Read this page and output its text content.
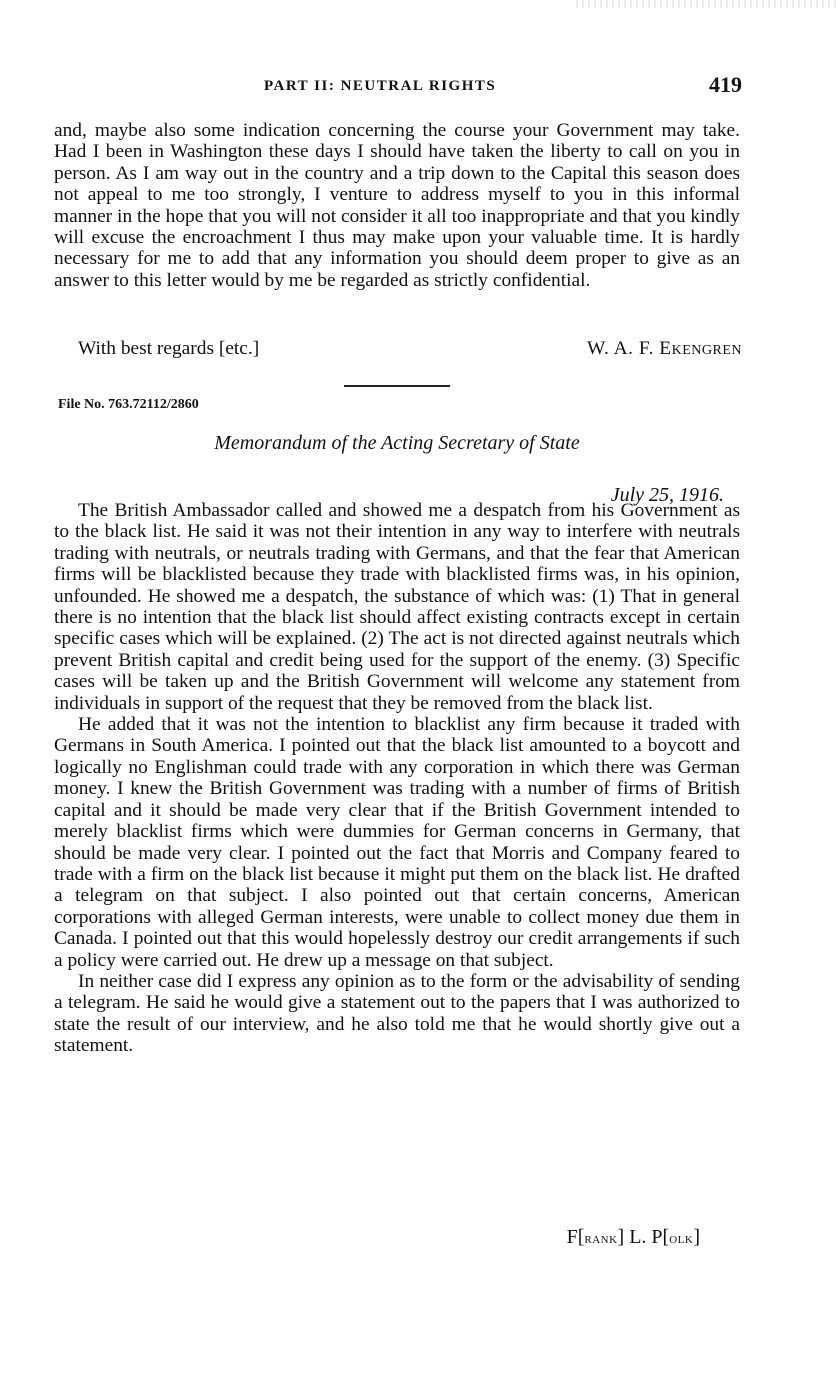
PART II: NEUTRAL RIGHTS	419

and, maybe also some indication concerning the course your Government may take. Had I been in Washington these days I should have taken the liberty to call on you in person. As I am way out in the country and a trip down to the Capital this season does not appeal to me too strongly, I venture to address myself to you in this informal manner in the hope that you will not consider it all too inappropriate and that you kindly will excuse the encroachment I thus may make upon your valuable time. It is hardly necessary for me to add that any information you should deem proper to give as an answer to this letter would by me be regarded as strictly confidential.

With best regards [etc.]	W. A. F. Ekengren
File No. 763.72112/2860
Memorandum of the Acting Secretary of State
July 25, 1916.

The British Ambassador called and showed me a despatch from his Government as to the black list. He said it was not their intention in any way to interfere with neutrals trading with neutrals, or neutrals trading with Germans, and that the fear that American firms will be blacklisted because they trade with blacklisted firms was, in his opinion, unfounded. He showed me a despatch, the substance of which was: (1) That in general there is no intention that the black list should affect existing contracts except in certain specific cases which will be explained. (2) The act is not directed against neutrals which prevent British capital and credit being used for the support of the enemy. (3) Specific cases will be taken up and the British Government will welcome any statement from individuals in support of the request that they be removed from the black list.

He added that it was not the intention to blacklist any firm because it traded with Germans in South America. I pointed out that the black list amounted to a boycott and logically no Englishman could trade with any corporation in which there was German money. I knew the British Government was trading with a number of firms of British capital and it should be made very clear that if the British Government intended to merely blacklist firms which were dummies for German concerns in Germany, that should be made very clear. I pointed out the fact that Morris and Company feared to trade with a firm on the black list because it might put them on the black list. He drafted a telegram on that subject. I also pointed out that certain concerns, American corporations with alleged German interests, were unable to collect money due them in Canada. I pointed out that this would hopelessly destroy our credit arrangements if such a policy were carried out. He drew up a message on that subject.

In neither case did I express any opinion as to the form or the advisability of sending a telegram. He said he would give a statement out to the papers that I was authorized to state the result of our interview, and he also told me that he would shortly give out a statement.

F[rank] L. P[olk]
